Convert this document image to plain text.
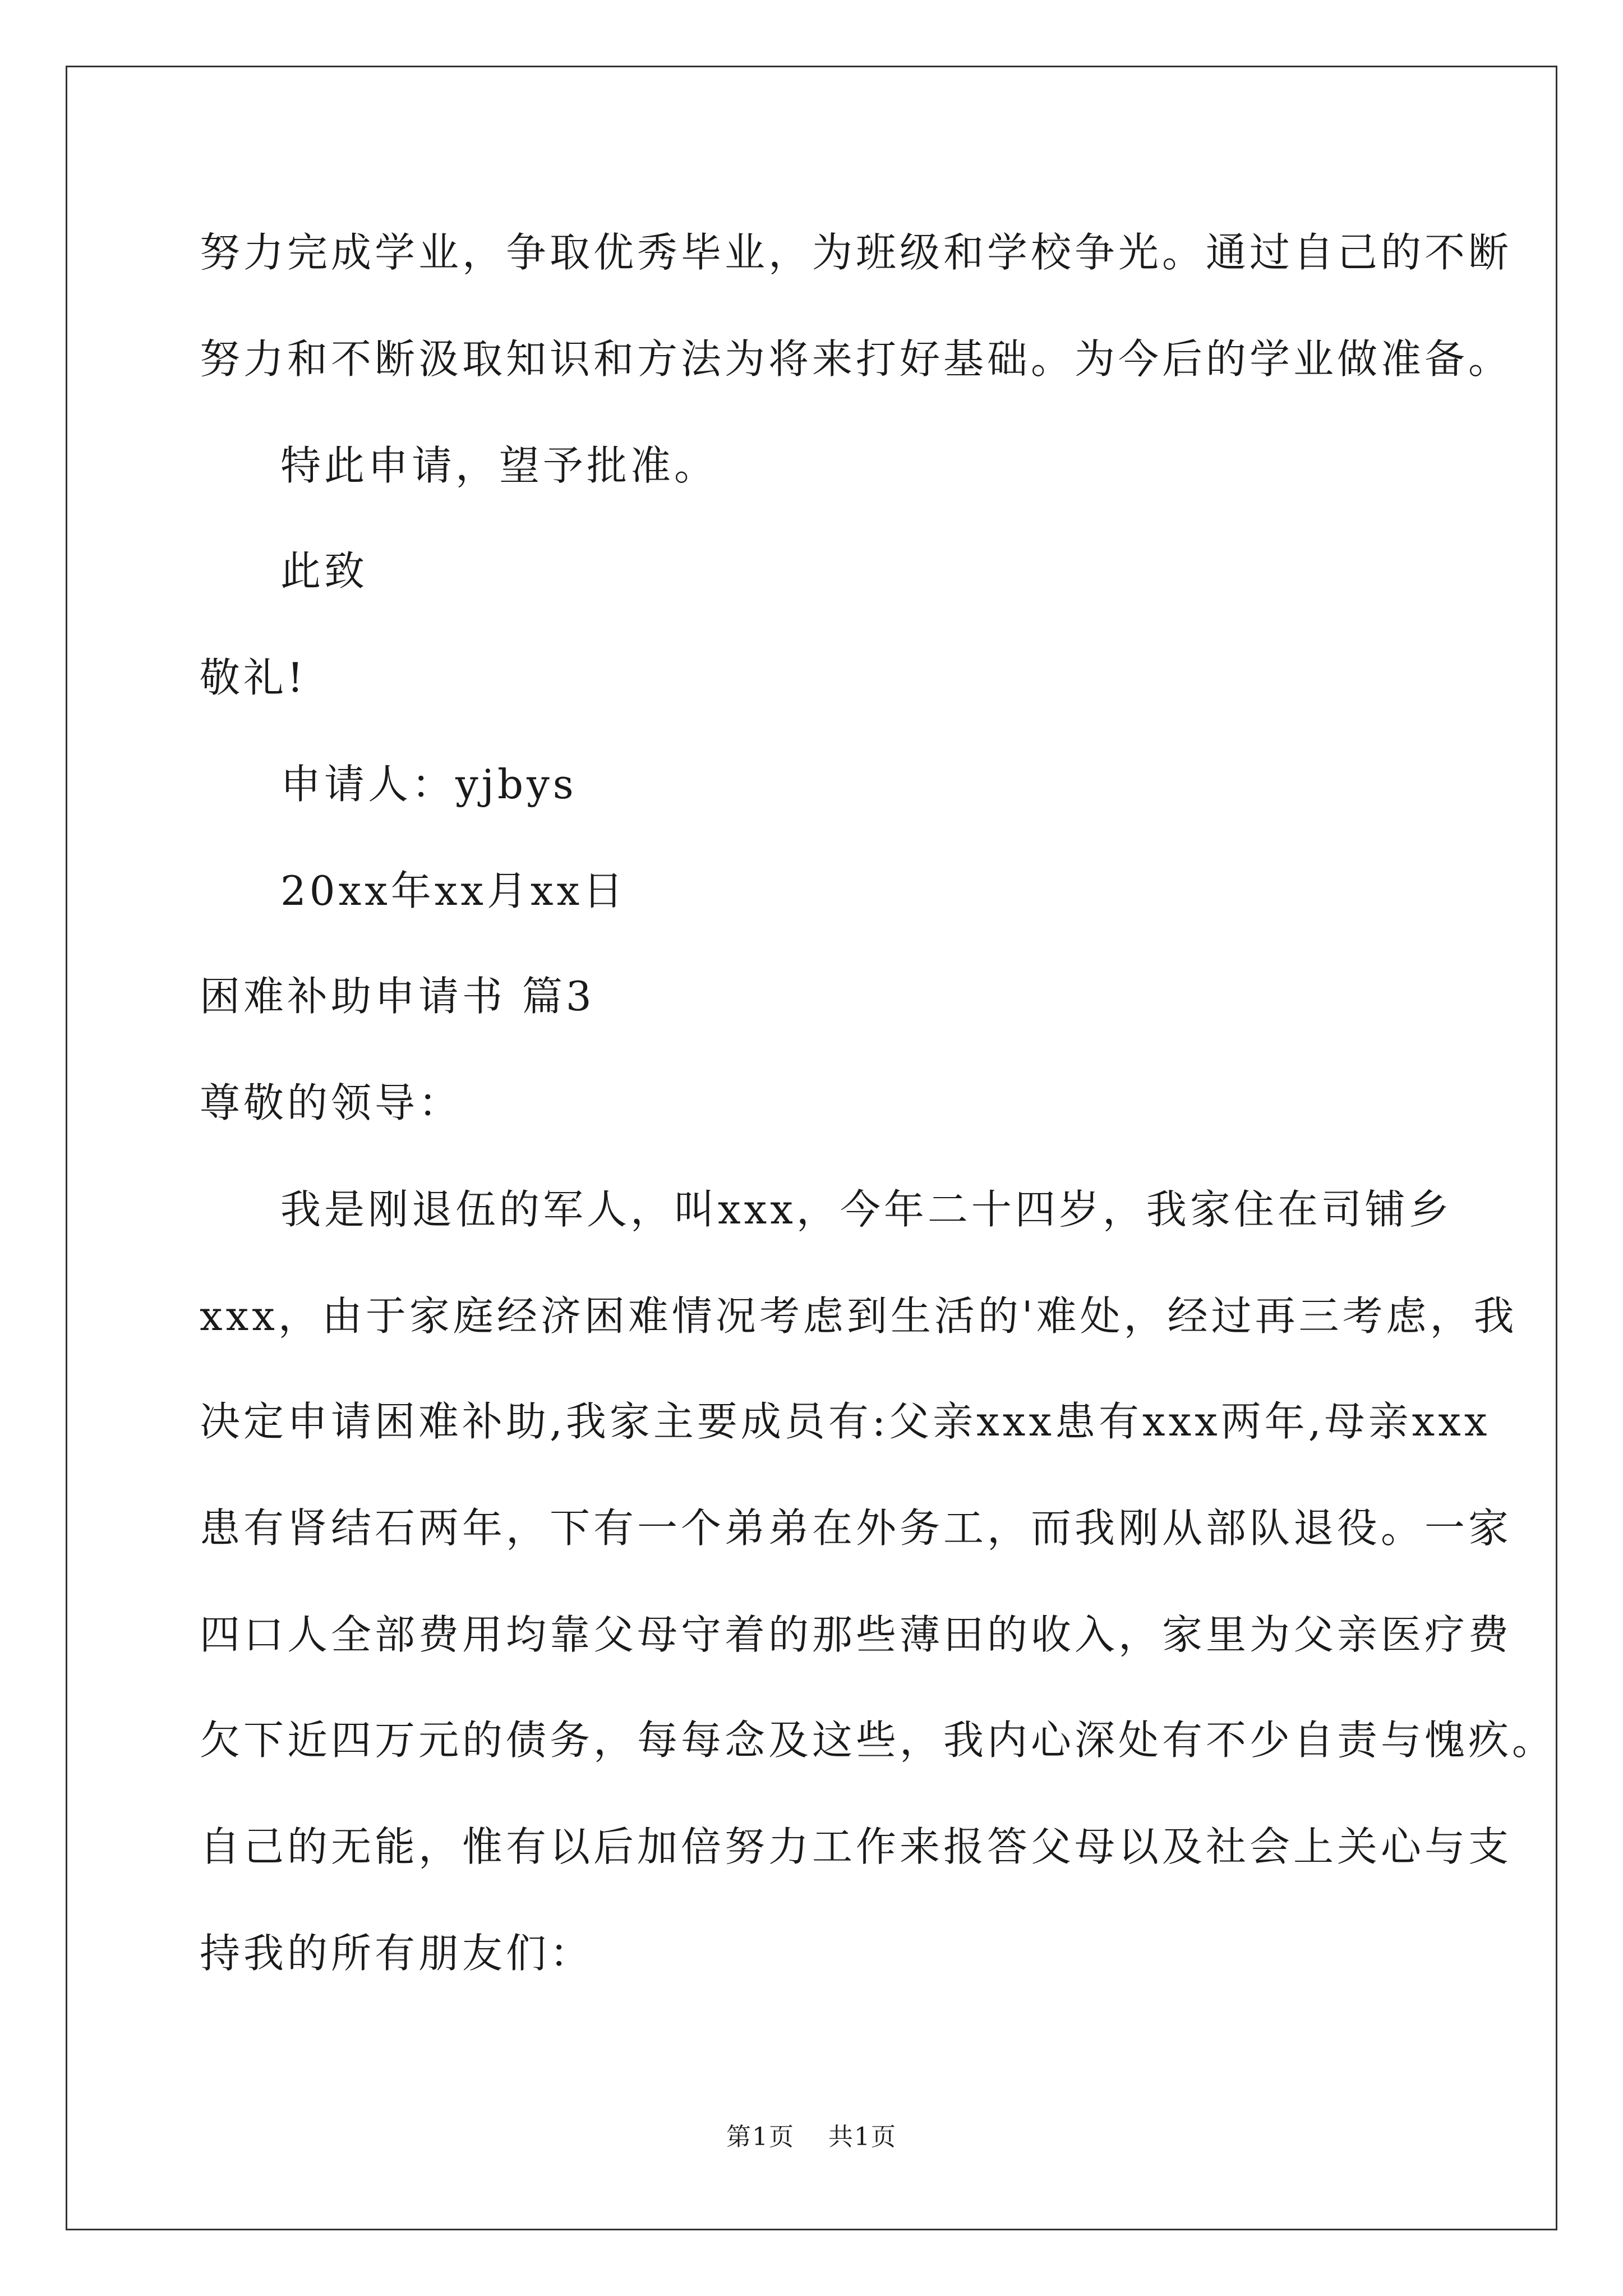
努力完成学业，争取优秀毕业，为班级和学校争光。通过自己的不断
努力和不断汲取知识和方法为将来打好基础。为今后的学业做准备。
特此申请，望予批准。
此致
敬礼!
申请人：yjbys
20xx年xx月xx日
困难补助申请书 篇3
尊敬的领导：
我是刚退伍的军人，叫xxx，今年二十四岁，我家住在司铺乡
xxx，由于家庭经济困难情况考虑到生活的'难处，经过再三考虑，我
决定申请困难补助,我家主要成员有:父亲xxx患有xxx两年,母亲xxx
患有肾结石两年，下有一个弟弟在外务工，而我刚从部队退役。一家
四口人全部费用均靠父母守着的那些薄田的收入，家里为父亲医疗费
欠下近四万元的债务，每每念及这些，我内心深处有不少自责与愧疚。
自己的无能，惟有以后加倍努力工作来报答父母以及社会上关心与支
持我的所有朋友们：
第1页 共1页
